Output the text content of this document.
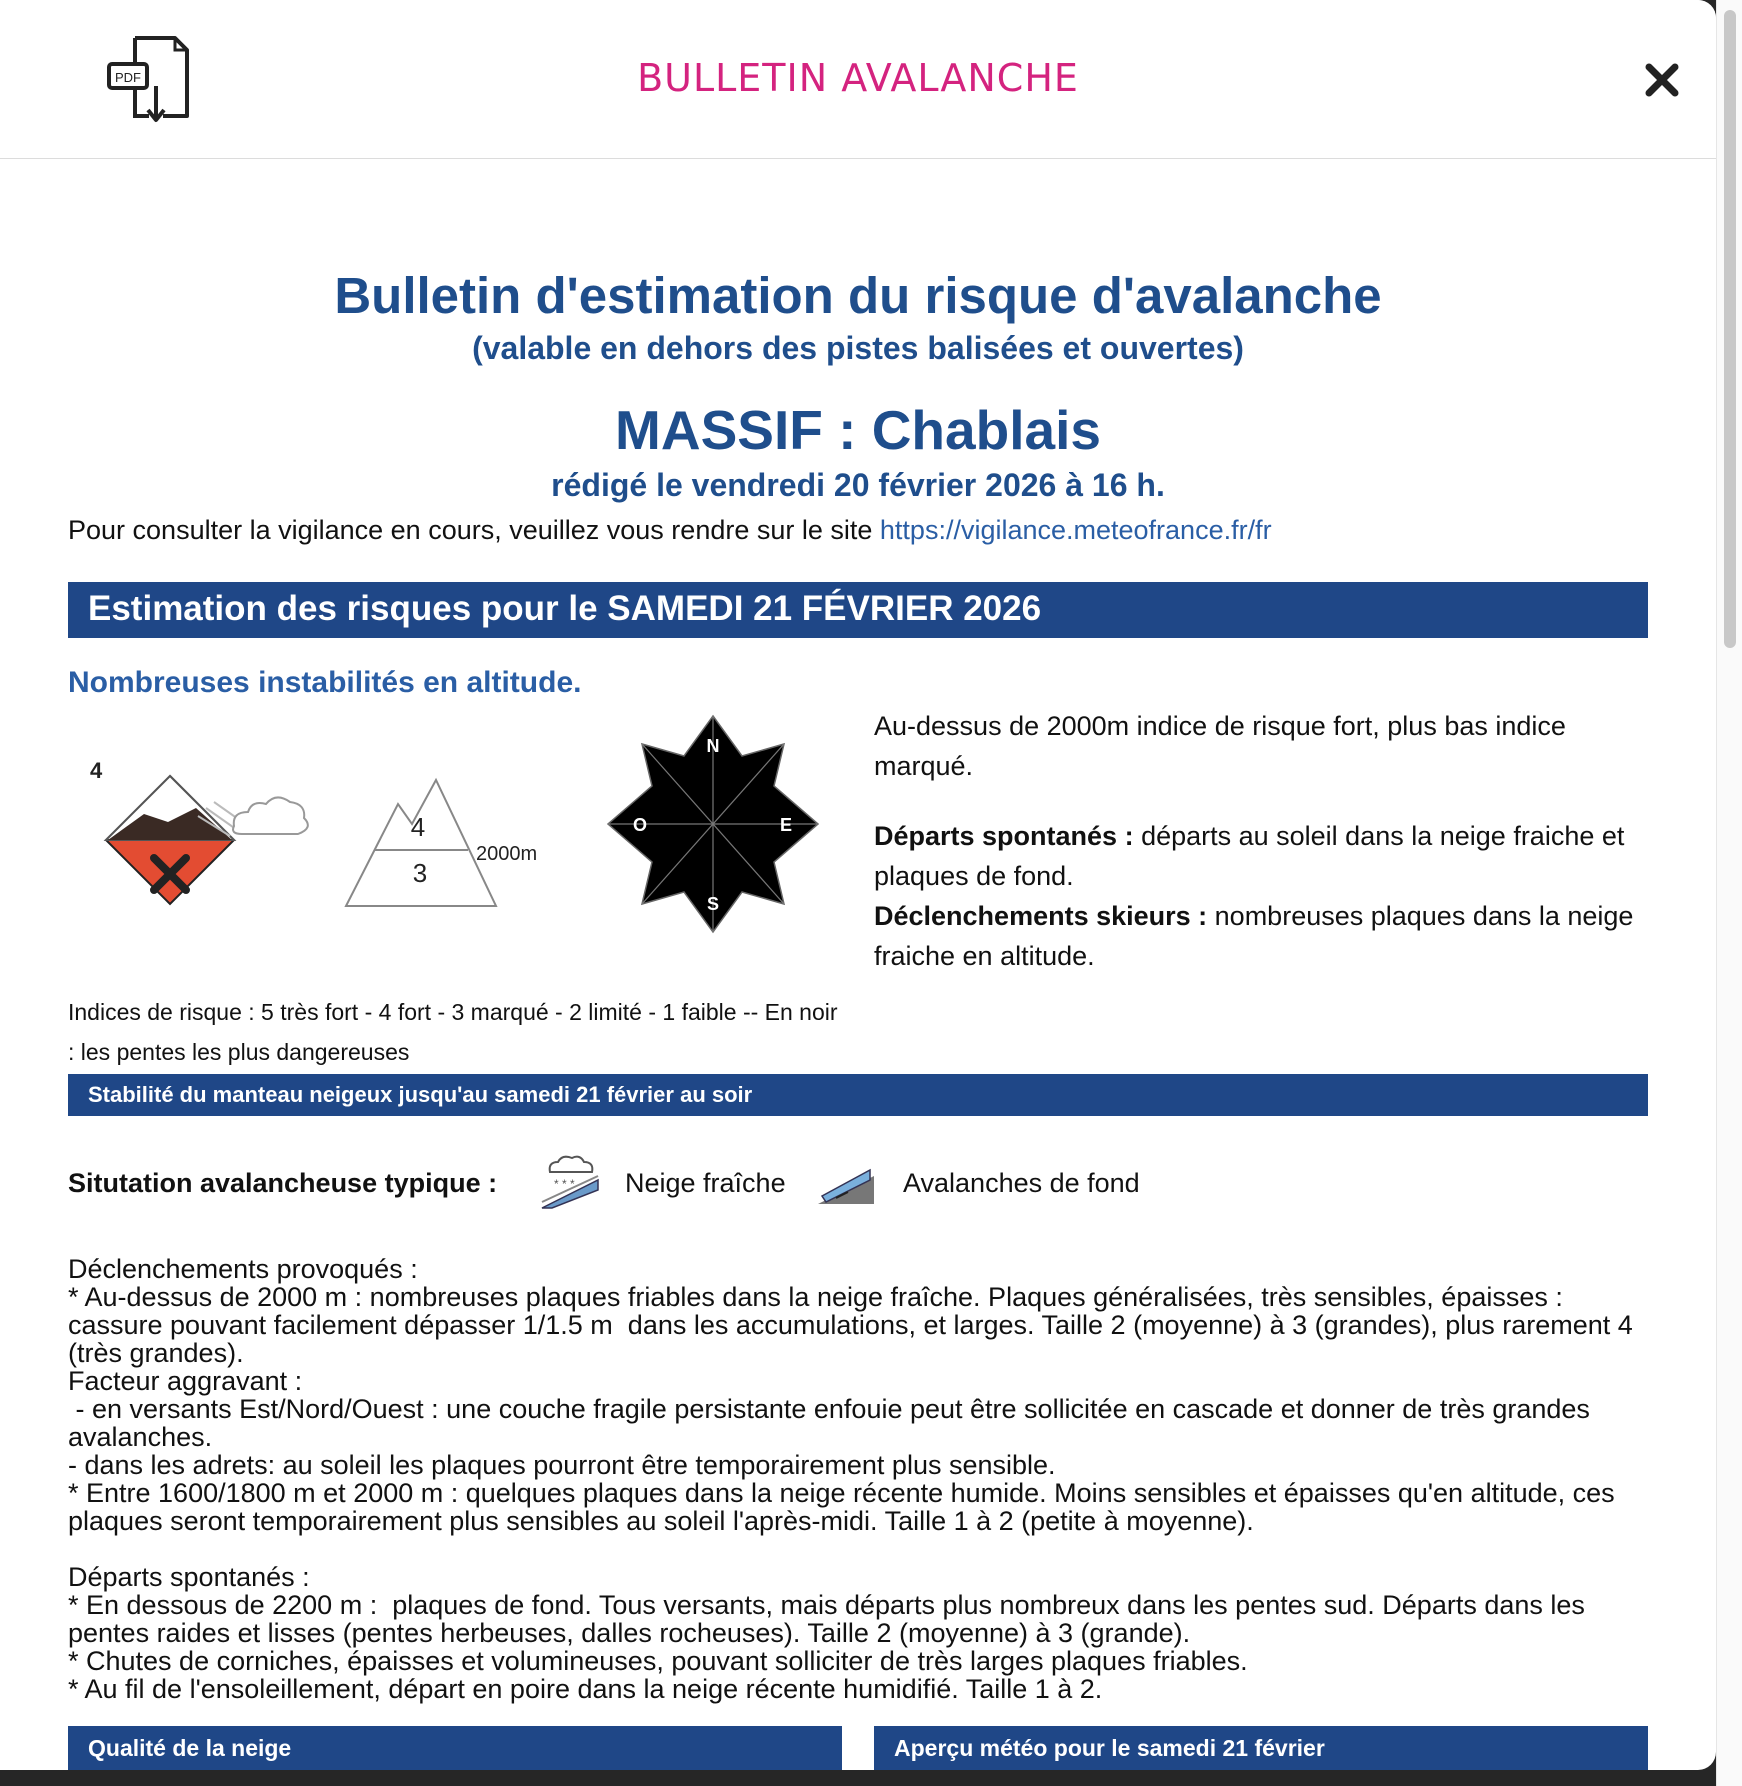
PDF	BULLETIN AVALANCHE
Bulletin d'estimation du risque d'avalanche
(valable en dehors des pistes balisées et ouvertes)
MASSIF : Chablais
rédigé le vendredi 20 février 2026 à 16 h.
Pour consulter la vigilance en cours, veuillez vous rendre sur le site https://vigilance.meteofrance.fr/fr
Estimation des risques pour le SAMEDI 21 FÉVRIER 2026
Nombreuses instabilités en altitude.
4
4
3
2000m
N
E
S
O

Au-dessus de 2000m indice de risque fort, plus bas indice marqué.

Départs spontanés : départs au soleil dans la neige fraiche et plaques de fond.
Déclenchements skieurs : nombreuses plaques dans la neige fraiche en altitude.
Indices de risque : 5 très fort - 4 fort - 3 marqué - 2 limité - 1 faible -- En noir : les pentes les plus dangereuses
Stabilité du manteau neigeux jusqu'au samedi 21 février au soir
Situtation avalancheuse typique :	* * * Neige fraîche	Avalanches de fond
Déclenchements provoqués :
* Au-dessus de 2000 m : nombreuses plaques friables dans la neige fraîche. Plaques généralisées, très sensibles, épaisses : cassure pouvant facilement dépasser 1/1.5 m  dans les accumulations, et larges. Taille 2 (moyenne) à 3 (grandes), plus rarement 4 (très grandes).
Facteur aggravant :
- en versants Est/Nord/Ouest : une couche fragile persistante enfouie peut être sollicitée en cascade et donner de très grandes avalanches.
- dans les adrets: au soleil les plaques pourront être temporairement plus sensible.
* Entre 1600/1800 m et 2000 m : quelques plaques dans la neige récente humide. Moins sensibles et épaisses qu'en altitude, ces plaques seront temporairement plus sensibles au soleil l'après-midi. Taille 1 à 2 (petite à moyenne).

Départs spontanés :
* En dessous de 2200 m :  plaques de fond. Tous versants, mais départs plus nombreux dans les pentes sud. Départs dans les pentes raides et lisses (pentes herbeuses, dalles rocheuses). Taille 2 (moyenne) à 3 (grande).
* Chutes de corniches, épaisses et volumineuses, pouvant solliciter de très larges plaques friables.
* Au fil de l'ensoleillement, départ en poire dans la neige récente humidifié. Taille 1 à 2.
Qualité de la neige	Aperçu météo pour le samedi 21 février
